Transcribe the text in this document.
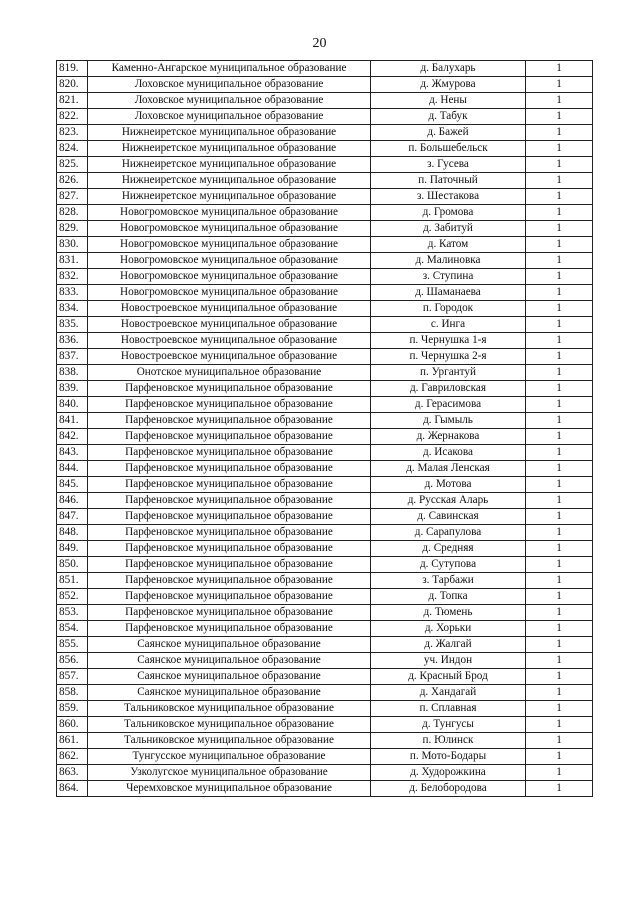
20
819.	Каменно-Ангарское муниципальное образование	д. Балухарь	1
820.	Лоховское муниципальное образование	д. Жмурова	1
821.	Лоховское муниципальное образование	д. Нены	1
822.	Лоховское муниципальное образование	д. Табук	1
823.	Нижнеиретское муниципальное образование	д. Бажей	1
824.	Нижнеиретское муниципальное образование	п. Большебельск	1
825.	Нижнеиретское муниципальное образование	з. Гусева	1
826.	Нижнеиретское муниципальное образование	п. Паточный	1
827.	Нижнеиретское муниципальное образование	з. Шестакова	1
828.	Новогромовское муниципальное образование	д. Громова	1
829.	Новогромовское муниципальное образование	д. Забитуй	1
830.	Новогромовское муниципальное образование	д. Катом	1
831.	Новогромовское муниципальное образование	д. Малиновка	1
832.	Новогромовское муниципальное образование	з. Ступина	1
833.	Новогромовское муниципальное образование	д. Шаманаева	1
834.	Новостроевское муниципальное образование	п. Городок	1
835.	Новостроевское муниципальное образование	с. Инга	1
836.	Новостроевское муниципальное образование	п. Чернушка 1-я	1
837.	Новостроевское муниципальное образование	п. Чернушка 2-я	1
838.	Онотское муниципальное образование	п. Ургантуй	1
839.	Парфеновское муниципальное образование	д. Гавриловская	1
840.	Парфеновское муниципальное образование	д. Герасимова	1
841.	Парфеновское муниципальное образование	д. Гымыль	1
842.	Парфеновское муниципальное образование	д. Жернакова	1
843.	Парфеновское муниципальное образование	д. Исакова	1
844.	Парфеновское муниципальное образование	д. Малая Ленская	1
845.	Парфеновское муниципальное образование	д. Мотова	1
846.	Парфеновское муниципальное образование	д. Русская Аларь	1
847.	Парфеновское муниципальное образование	д. Савинская	1
848.	Парфеновское муниципальное образование	д. Сарапулова	1
849.	Парфеновское муниципальное образование	д. Средняя	1
850.	Парфеновское муниципальное образование	д. Сутупова	1
851.	Парфеновское муниципальное образование	з. Тарбажи	1
852.	Парфеновское муниципальное образование	д. Топка	1
853.	Парфеновское муниципальное образование	д. Тюмень	1
854.	Парфеновское муниципальное образование	д. Хорьки	1
855.	Саянское муниципальное образование	д. Жалгай	1
856.	Саянское муниципальное образование	уч. Индон	1
857.	Саянское муниципальное образование	д. Красный Брод	1
858.	Саянское муниципальное образование	д. Хандагай	1
859.	Тальниковское муниципальное образование	п. Сплавная	1
860.	Тальниковское муниципальное образование	д. Тунгусы	1
861.	Тальниковское муниципальное образование	п. Юлинск	1
862.	Тунгусское муниципальное образование	п. Мото-Бодары	1
863.	Узколугское муниципальное образование	д. Худорожкина	1
864.	Черемховское муниципальное образование	д. Белобородова	1
